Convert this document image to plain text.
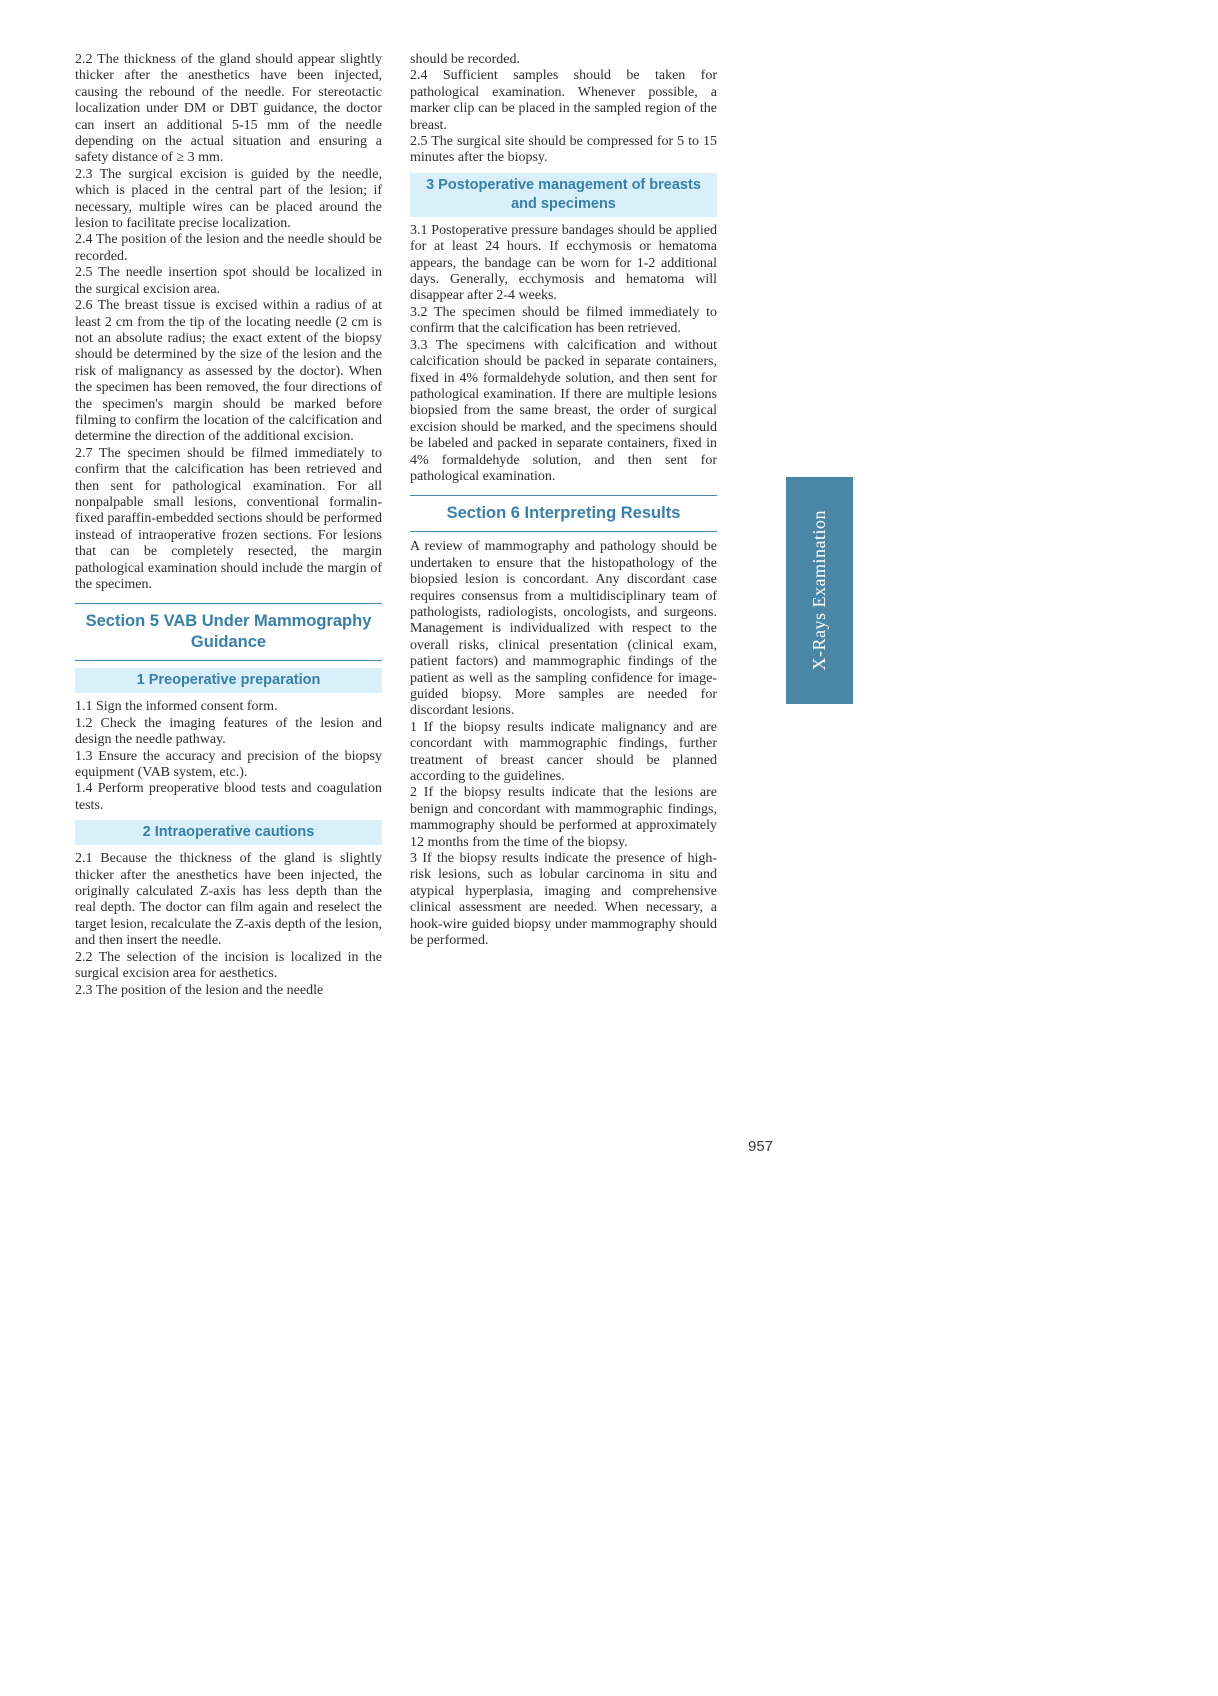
2.2 The thickness of the gland should appear slightly thicker after the anesthetics have been injected, causing the rebound of the needle. For stereotactic localization under DM or DBT guidance, the doctor can insert an additional 5-15 mm of the needle depending on the actual situation and ensuring a safety distance of ≥ 3 mm.

2.3 The surgical excision is guided by the needle, which is placed in the central part of the lesion; if necessary, multiple wires can be placed around the lesion to facilitate precise localization.

2.4 The position of the lesion and the needle should be recorded.

2.5 The needle insertion spot should be localized in the surgical excision area.

2.6 The breast tissue is excised within a radius of at least 2 cm from the tip of the locating needle (2 cm is not an absolute radius; the exact extent of the biopsy should be determined by the size of the lesion and the risk of malignancy as assessed by the doctor). When the specimen has been removed, the four directions of the specimen's margin should be marked before filming to confirm the location of the calcification and determine the direction of the additional excision.

2.7 The specimen should be filmed immediately to confirm that the calcification has been retrieved and then sent for pathological examination. For all nonpalpable small lesions, conventional formalin-fixed paraffin-embedded sections should be performed instead of intraoperative frozen sections. For lesions that can be completely resected, the margin pathological examination should include the margin of the specimen.

Section 5 VAB Under Mammography Guidance
1 Preoperative preparation

1.1 Sign the informed consent form.

1.2 Check the imaging features of the lesion and design the needle pathway.

1.3 Ensure the accuracy and precision of the biopsy equipment (VAB system, etc.).

1.4 Perform preoperative blood tests and coagulation tests.

2 Intraoperative cautions

2.1 Because the thickness of the gland is slightly thicker after the anesthetics have been injected, the originally calculated Z-axis has less depth than the real depth. The doctor can film again and reselect the target lesion, recalculate the Z-axis depth of the lesion, and then insert the needle.

2.2 The selection of the incision is localized in the surgical excision area for aesthetics.

2.3 The position of the lesion and the needle

should be recorded.

2.4 Sufficient samples should be taken for pathological examination. Whenever possible, a marker clip can be placed in the sampled region of the breast.

2.5 The surgical site should be compressed for 5 to 15 minutes after the biopsy.

3 Postoperative management of breasts and specimens

3.1 Postoperative pressure bandages should be applied for at least 24 hours. If ecchymosis or hematoma appears, the bandage can be worn for 1-2 additional days. Generally, ecchymosis and hematoma will disappear after 2-4 weeks.

3.2 The specimen should be filmed immediately to confirm that the calcification has been retrieved.

3.3 The specimens with calcification and without calcification should be packed in separate containers, fixed in 4% formaldehyde solution, and then sent for pathological examination. If there are multiple lesions biopsied from the same breast, the order of surgical excision should be marked, and the specimens should be labeled and packed in separate containers, fixed in 4% formaldehyde solution, and then sent for pathological examination.

Section 6 Interpreting Results

A review of mammography and pathology should be undertaken to ensure that the histopathology of the biopsied lesion is concordant. Any discordant case requires consensus from a multidisciplinary team of pathologists, radiologists, oncologists, and surgeons. Management is individualized with respect to the overall risks, clinical presentation (clinical exam, patient factors) and mammographic findings of the patient as well as the sampling confidence for image-guided biopsy. More samples are needed for discordant lesions.

1 If the biopsy results indicate malignancy and are concordant with mammographic findings, further treatment of breast cancer should be planned according to the guidelines.

2 If the biopsy results indicate that the lesions are benign and concordant with mammographic findings, mammography should be performed at approximately 12 months from the time of the biopsy.

3 If the biopsy results indicate the presence of high-risk lesions, such as lobular carcinoma in situ and atypical hyperplasia, imaging and comprehensive clinical assessment are needed. When necessary, a hook-wire guided biopsy under mammography should be performed.

X-Rays Examination
957
